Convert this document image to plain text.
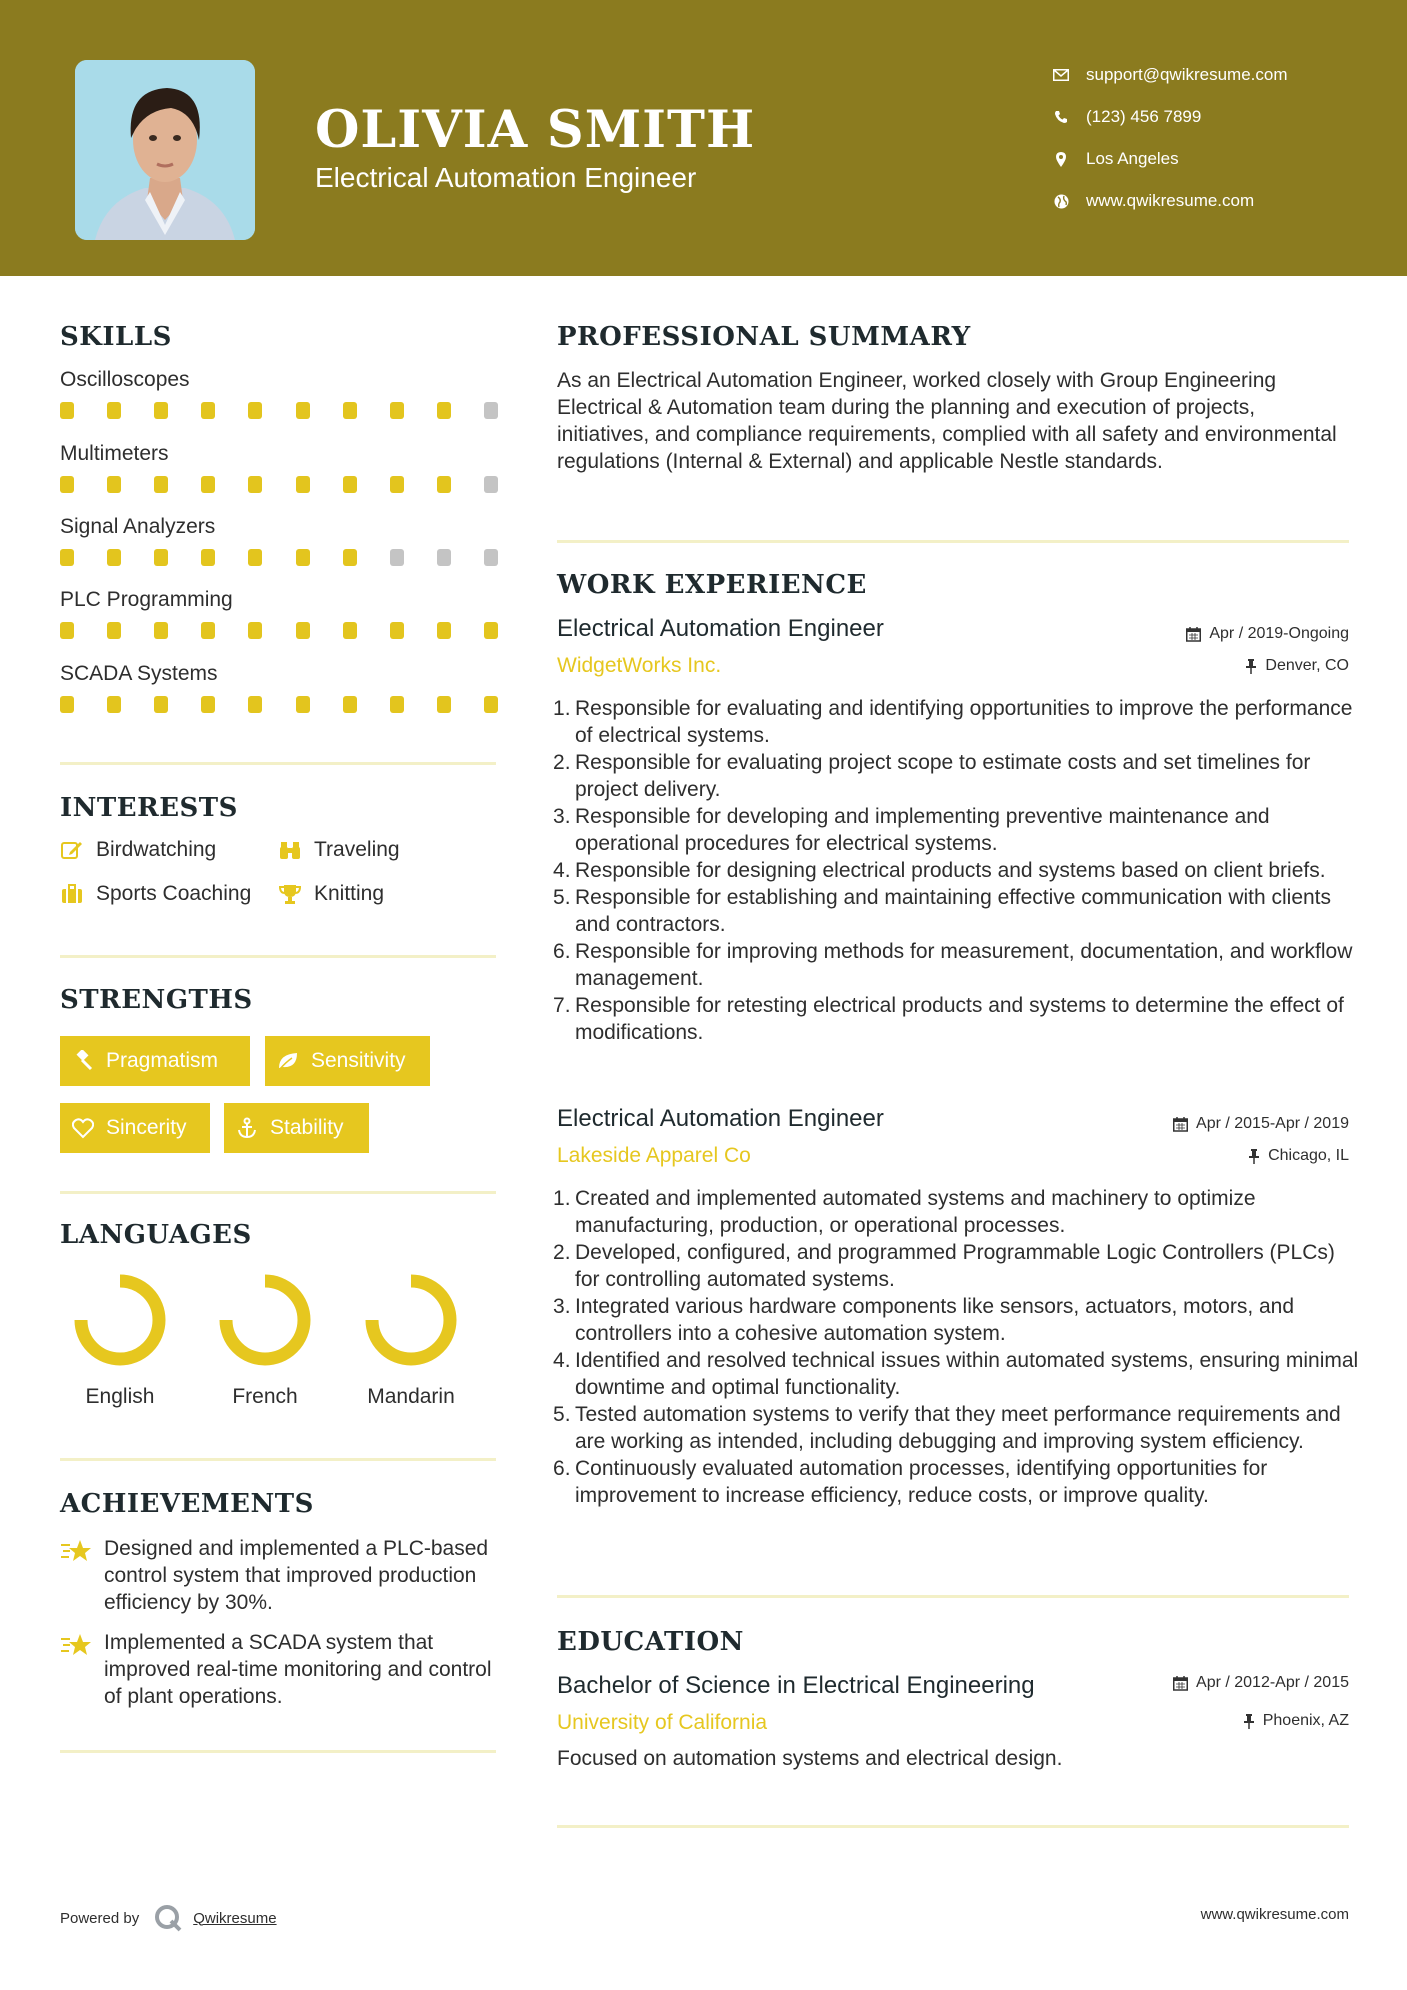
OLIVIA SMITH
Electrical Automation Engineer
support@qwikresume.com
(123) 456 7899
Los Angeles
www.qwikresume.com
SKILLS
Oscilloscopes
Multimeters
Signal Analyzers
PLC Programming
SCADA Systems
INTERESTS
Birdwatching	Traveling
Sports Coaching	Knitting
STRENGTHS
Pragmatism	Sensitivity
Sincerity	Stability
LANGUAGES
English	French	Mandarin
ACHIEVEMENTS
Designed and implemented a PLC-based control system that improved production efficiency by 30%.
Implemented a SCADA system that improved real-time monitoring and control of plant operations.
PROFESSIONAL SUMMARY
As an Electrical Automation Engineer, worked closely with Group Engineering Electrical & Automation team during the planning and execution of projects, initiatives, and compliance requirements, complied with all safety and environmental regulations (Internal & External) and applicable Nestle standards.
WORK EXPERIENCE
Electrical Automation Engineer	Apr / 2019-Ongoing
WidgetWorks Inc.	Denver, CO
Responsible for evaluating and identifying opportunities to improve the performance of electrical systems.
Responsible for evaluating project scope to estimate costs and set timelines for project delivery.
Responsible for developing and implementing preventive maintenance and operational procedures for electrical systems.
Responsible for designing electrical products and systems based on client briefs.
Responsible for establishing and maintaining effective communication with clients and contractors.
Responsible for improving methods for measurement, documentation, and workflow management.
Responsible for retesting electrical products and systems to determine the effect of modifications.
Electrical Automation Engineer	Apr / 2015-Apr / 2019
Lakeside Apparel Co	Chicago, IL
Created and implemented automated systems and machinery to optimize manufacturing, production, or operational processes.
Developed, configured, and programmed Programmable Logic Controllers (PLCs) for controlling automated systems.
Integrated various hardware components like sensors, actuators, motors, and controllers into a cohesive automation system.
Identified and resolved technical issues within automated systems, ensuring minimal downtime and optimal functionality.
Tested automation systems to verify that they meet performance requirements and are working as intended, including debugging and improving system efficiency.
Continuously evaluated automation processes, identifying opportunities for improvement to increase efficiency, reduce costs, or improve quality.
EDUCATION
Bachelor of Science in Electrical Engineering	Apr / 2012-Apr / 2015
University of California	Phoenix, AZ
Focused on automation systems and electrical design.
Powered by	Qwikresume	www.qwikresume.com
